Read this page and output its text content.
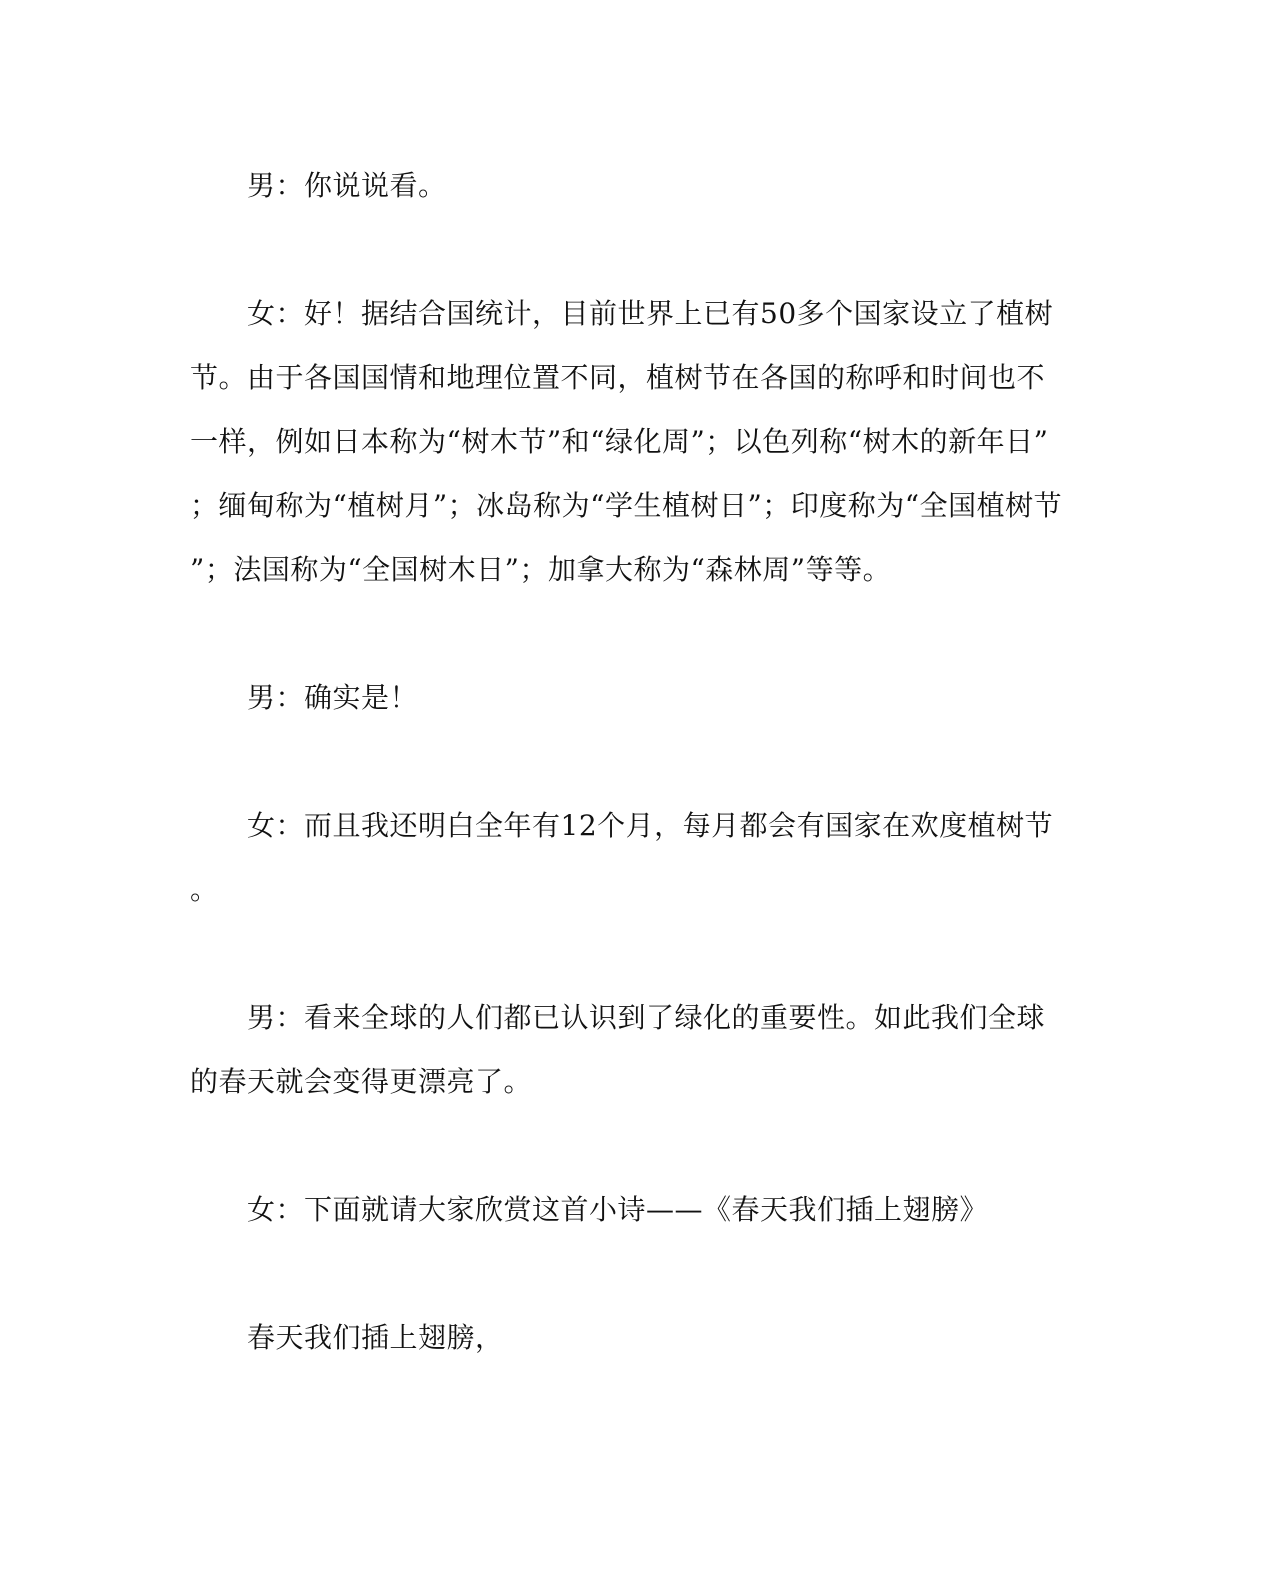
男：你说说看。
女：好！据结合国统计，目前世界上已有50多个国家设立了植树
节。由于各国国情和地理位置不同，植树节在各国的称呼和时间也不
一样，例如日本称为“树木节”和“绿化周”；以色列称“树木的新年日”
；缅甸称为“植树月”；冰岛称为“学生植树日”；印度称为“全国植树节
”；法国称为“全国树木日”；加拿大称为“森林周”等等。
男：确实是！
女：而且我还明白全年有12个月，每月都会有国家在欢度植树节
。
男：看来全球的人们都已认识到了绿化的重要性。如此我们全球
的春天就会变得更漂亮了。
女：下面就请大家欣赏这首小诗——《春天我们插上翅膀》
春天我们插上翅膀，
